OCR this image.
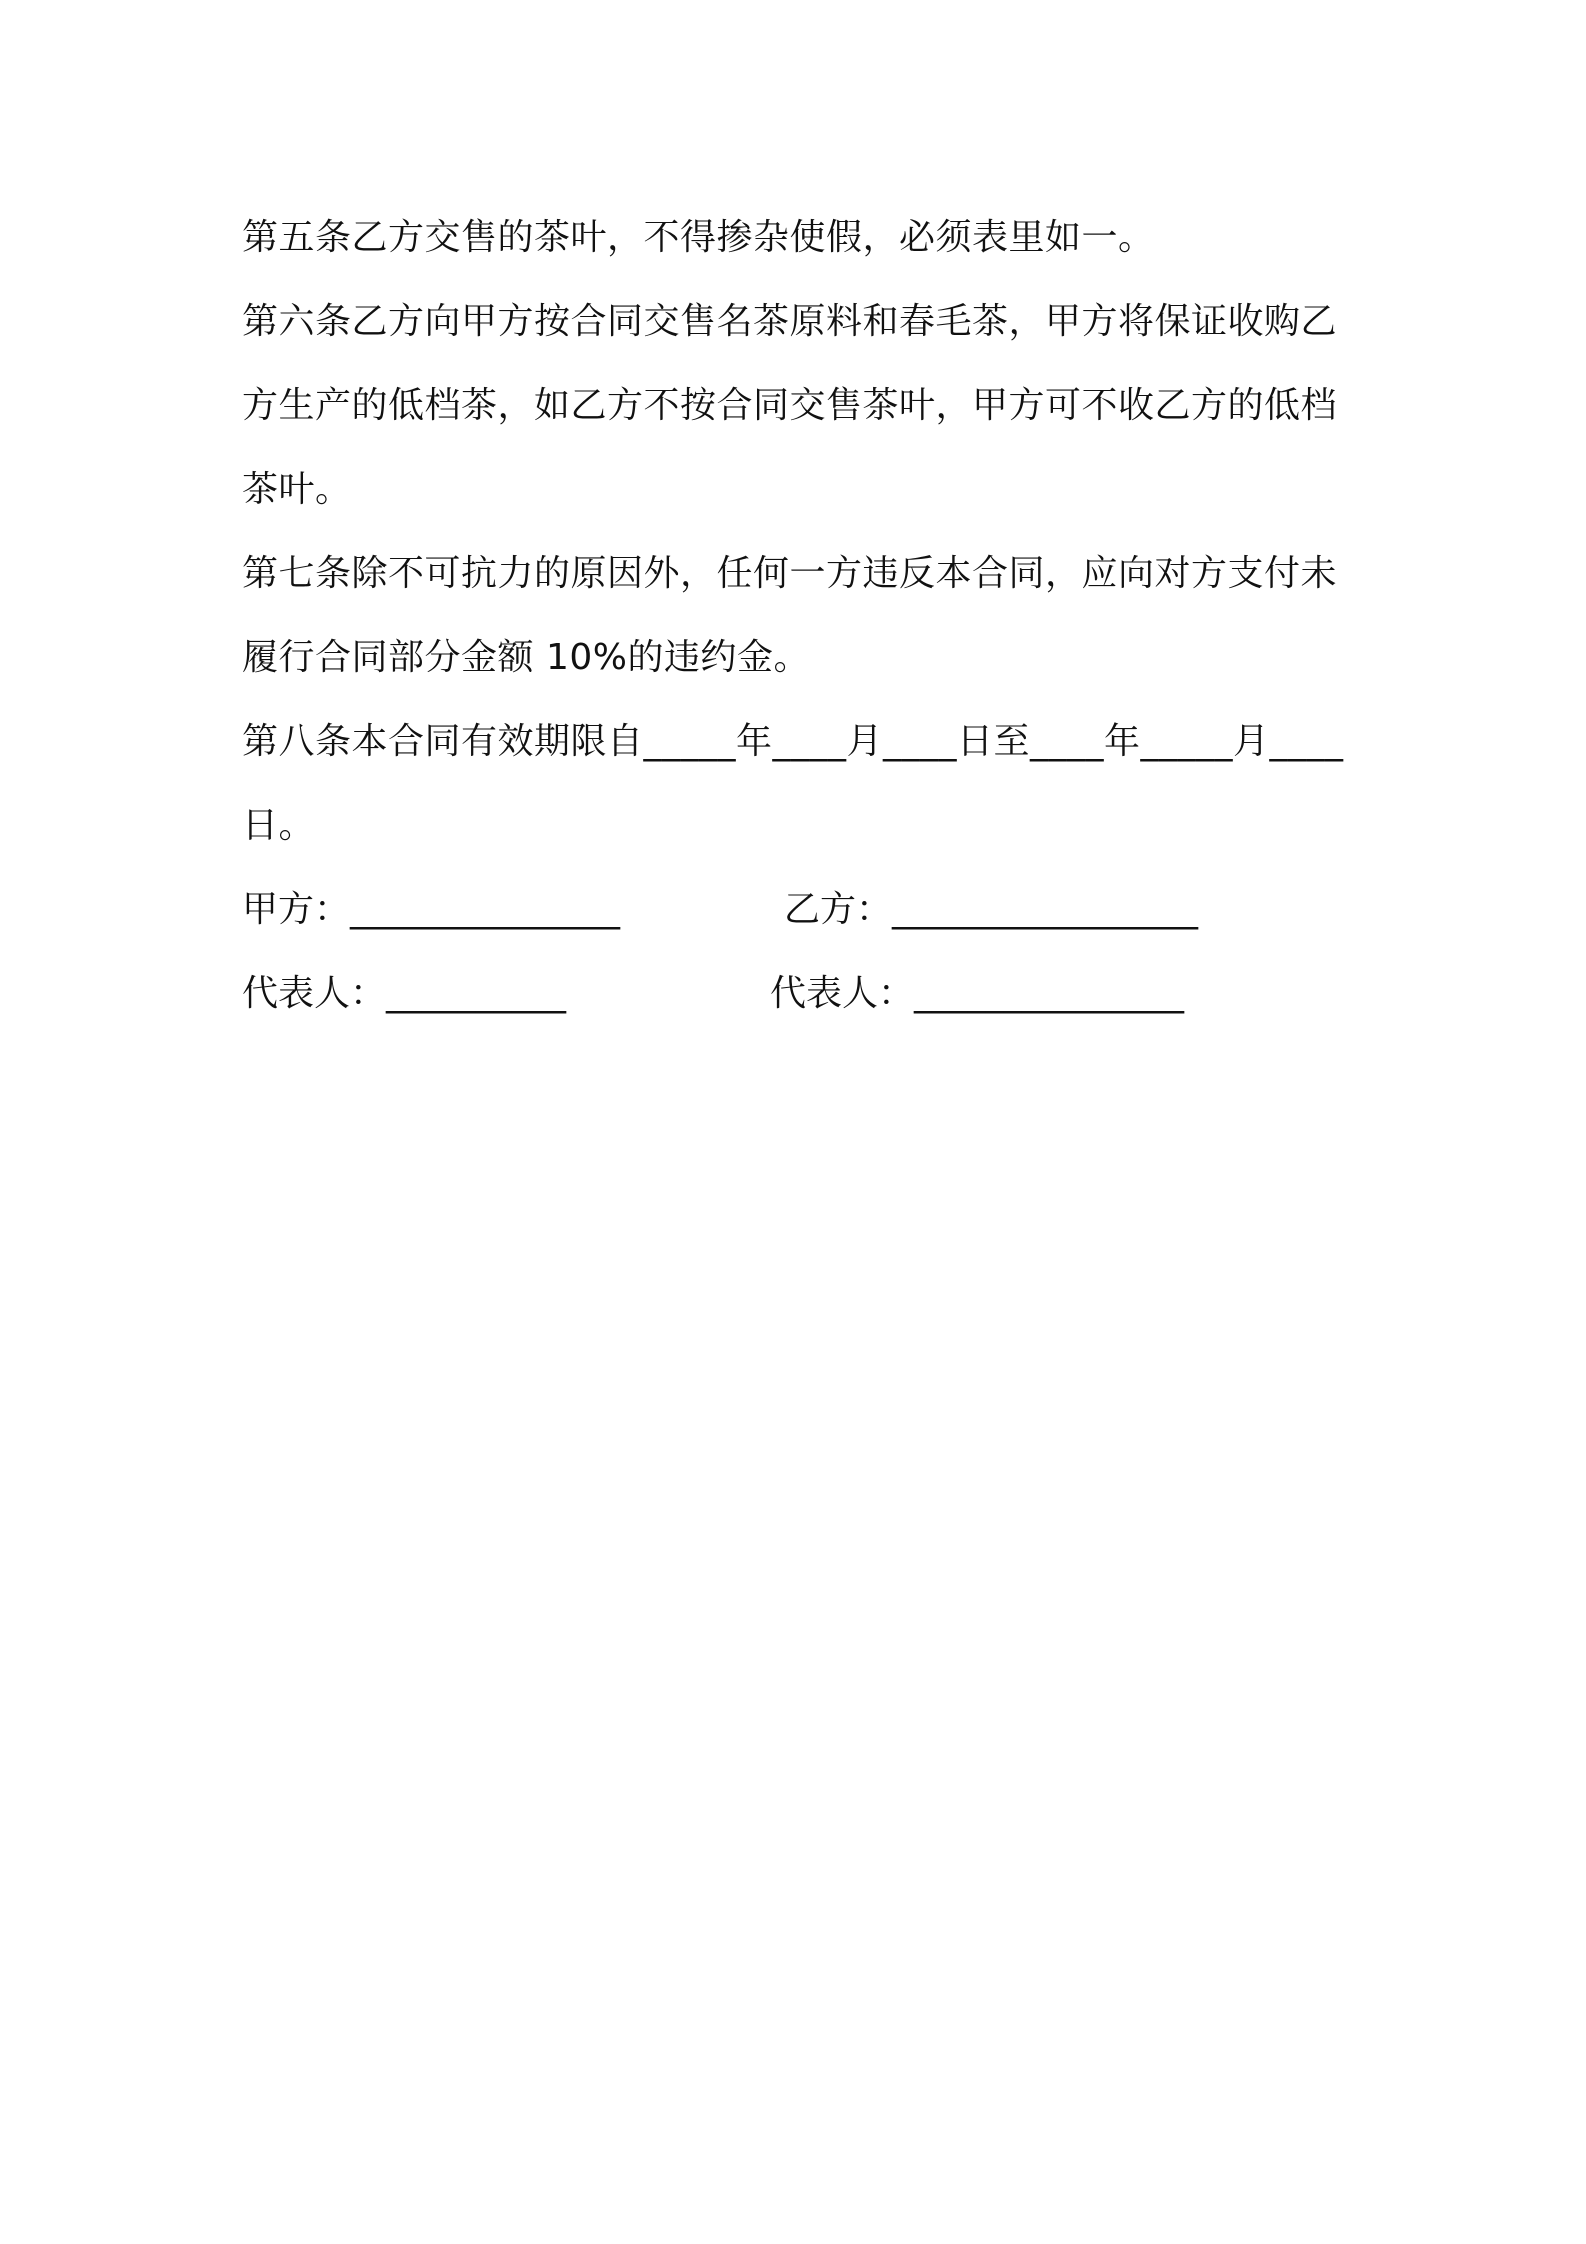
第五条乙方交售的茶叶，不得掺杂使假，必须表里如一。

第六条乙方向甲方按合同交售名茶原料和春毛茶，甲方将保证收购乙方生产的低档茶，如乙方不按合同交售茶叶，甲方可不收乙方的低档茶叶。

第七条除不可抗力的原因外，任何一方违反本合同，应向对方支付未履行合同部分金额 10%的违约金。

第八条本合同有效期限自_____年____月____日至____年_____月____日。

甲方：_______________

	乙方：_________________

代表人：__________

	代表人：_______________
